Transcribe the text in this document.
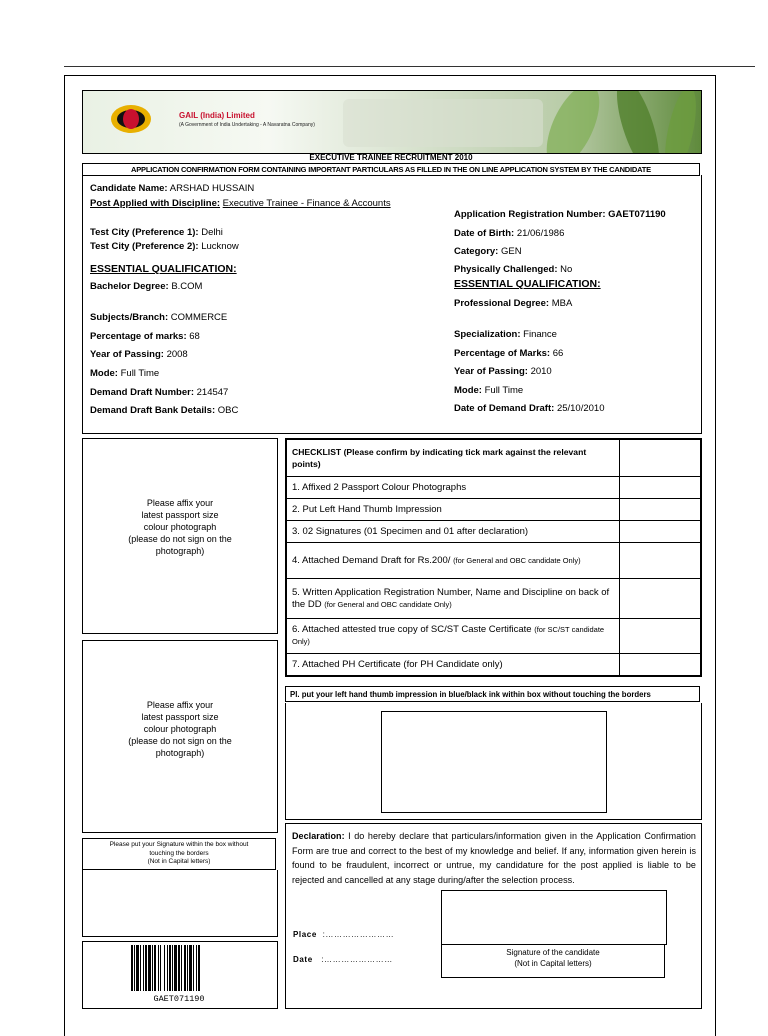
GAIL (India) Limited
(A Government of India Undertaking - A Navaratna Company)
EXECUTIVE TRAINEE RECRUITMENT 2010
APPLICATION CONFIRMATION FORM CONTAINING IMPORTANT PARTICULARS AS FILLED IN THE ON LINE APPLICATION SYSTEM BY THE CANDIDATE
Candidate Name: ARSHAD HUSSAIN
Post Applied with Discipline: Executive Trainee - Finance & Accounts
Application Registration Number: GAET071190
Test City (Preference 1): Delhi	Date of Birth: 21/06/1986
Test City (Preference 2): Lucknow	Category: GEN
ESSENTIAL QUALIFICATION:	Physically Challenged: No
ESSENTIAL QUALIFICATION:
Bachelor Degree: B.COM
Professional Degree: MBA
Subjects/Branch: COMMERCE
Percentage of marks: 68	Specialization: Finance
Year of Passing: 2008	Percentage of Marks: 66
Mode: Full Time	Year of Passing: 2010
Mode: Full Time
Demand Draft Number: 214547
Date of Demand Draft: 25/10/2010
Demand Draft Bank Details: OBC
Please affix your
latest passport size
colour photograph
(please do not sign on the
photograph)
Please affix your
latest passport size
colour photograph
(please do not sign on the
photograph)
CHECKLIST (Please confirm by indicating tick mark against the relevant points)	
1. Affixed 2 Passport Colour Photographs	
2. Put Left Hand Thumb Impression	
3. 02 Signatures (01 Specimen and 01 after declaration)	
4. Attached Demand Draft for Rs.200/ (for General and OBC candidate Only)	
5. Written Application Registration Number, Name and Discipline on back of the DD (for General and OBC candidate Only)	
6. Attached attested true copy of SC/ST Caste Certificate (for SC/ST candidate Only)	
7. Attached PH Certificate (for PH Candidate only)	
Pl. put your left hand thumb impression in blue/black ink within box without touching the borders
Please put your Signature within the box without
touching the borders
(Not in Capital letters)
GAET071190
Declaration: I do hereby declare that particulars/information given in the Application Confirmation Form are true and correct to the best of my knowledge and belief. If any, information given herein is found to be fraudulent, incorrect or untrue, my candidature for the post applied is liable to be rejected and cancelled at any stage during/after the selection process.
Place :……………………
Date :……………………
Signature of the candidate
(Not in Capital letters)
